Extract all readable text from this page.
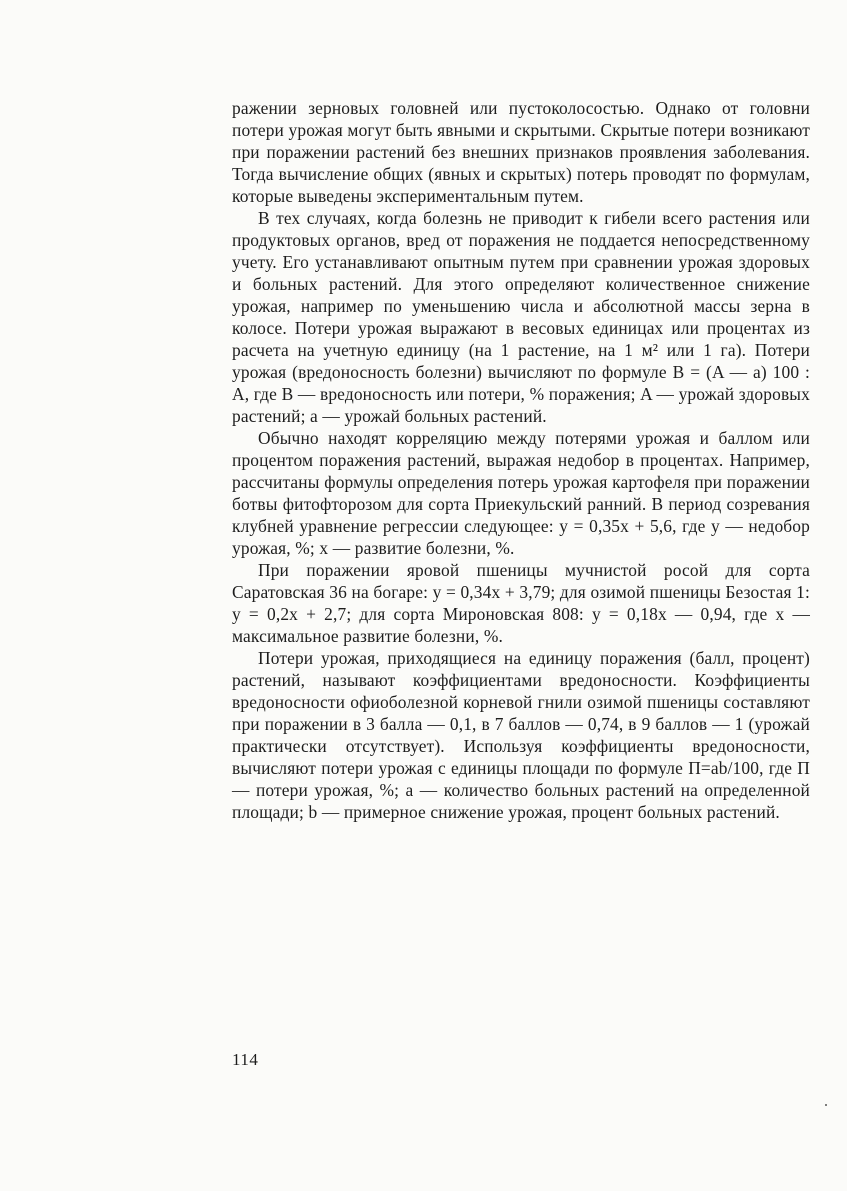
ражении зерновых головней или пустоколосостью. Однако от головни потери урожая могут быть явными и скрытыми. Скрытые потери возникают при поражении растений без внешних признаков проявления заболевания. Тогда вычисление общих (явных и скрытых) потерь проводят по формулам, которые выведены экспериментальным путем.

В тех случаях, когда болезнь не приводит к гибели всего растения или продуктовых органов, вред от поражения не поддается непосредственному учету. Его устанавливают опытным путем при сравнении урожая здоровых и больных растений. Для этого определяют количественное снижение урожая, например по уменьшению числа и абсолютной массы зерна в колосе. Потери урожая выражают в весовых единицах или процентах из расчета на учетную единицу (на 1 растение, на 1 м² или 1 га). Потери урожая (вредоносность болезни) вычисляют по формуле B = (A — a) 100 : A, где B — вредоносность или потери, % поражения; A — урожай здоровых растений; a — урожай больных растений.

Обычно находят корреляцию между потерями урожая и баллом или процентом поражения растений, выражая недобор в процентах. Например, рассчитаны формулы определения потерь урожая картофеля при поражении ботвы фитофторозом для сорта Приекульский ранний. В период созревания клубней уравнение регрессии следующее: y = 0,35x + 5,6, где y — недобор урожая, %; x — развитие болезни, %.

При поражении яровой пшеницы мучнистой росой для сорта Саратовская 36 на богаре: y = 0,34x + 3,79; для озимой пшеницы Безостая 1: y = 0,2x + 2,7; для сорта Мироновская 808: y = 0,18x — 0,94, где x — максимальное развитие болезни, %.

Потери урожая, приходящиеся на единицу поражения (балл, процент) растений, называют коэффициентами вредоносности. Коэффициенты вредоносности офиоболезной корневой гнили озимой пшеницы составляют при поражении в 3 балла — 0,1, в 7 баллов — 0,74, в 9 баллов — 1 (урожай практически отсутствует). Используя коэффициенты вредоносности, вычисляют потери урожая с единицы площади по формуле П=ab/100, где П — потери урожая, %; a — количество больных растений на определенной площади; b — примерное снижение урожая, процент больных растений.

114
